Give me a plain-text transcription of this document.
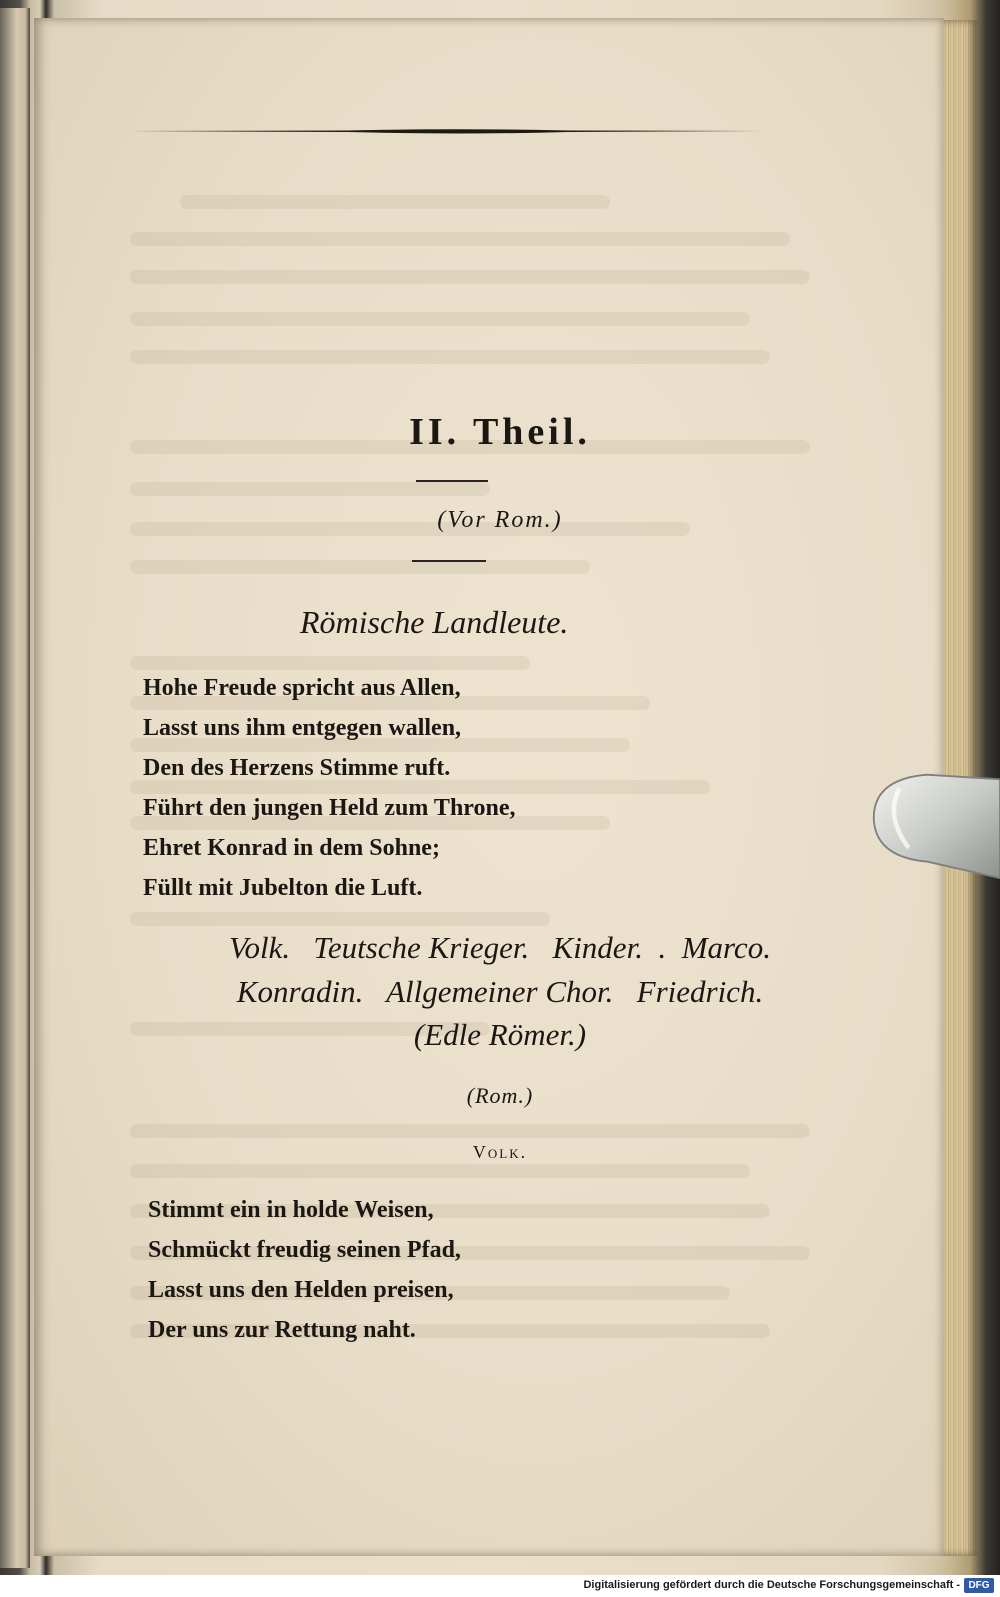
II. Theil.
(Vor Rom.)
Römische Landleute.
Hohe Freude spricht aus Allen,
Lasst uns ihm entgegen wallen,
Den des Herzens Stimme ruft.
Führt den jungen Held zum Throne,
Ehret Konrad in dem Sohne;
Füllt mit Jubelton die Luft.
Volk.   Teutsche Krieger.   Kinder.  .  Marco.
Konradin.   Allgemeiner Chor.   Friedrich.
(Edle Römer.)
(Rom.)
Volk.
Stimmt ein in holde Weisen,
Schmückt freudig seinen Pfad,
Lasst uns den Helden preisen,
Der uns zur Rettung naht.
Digitalisierung gefördert durch die Deutsche Forschungsgemeinschaft - DFG
